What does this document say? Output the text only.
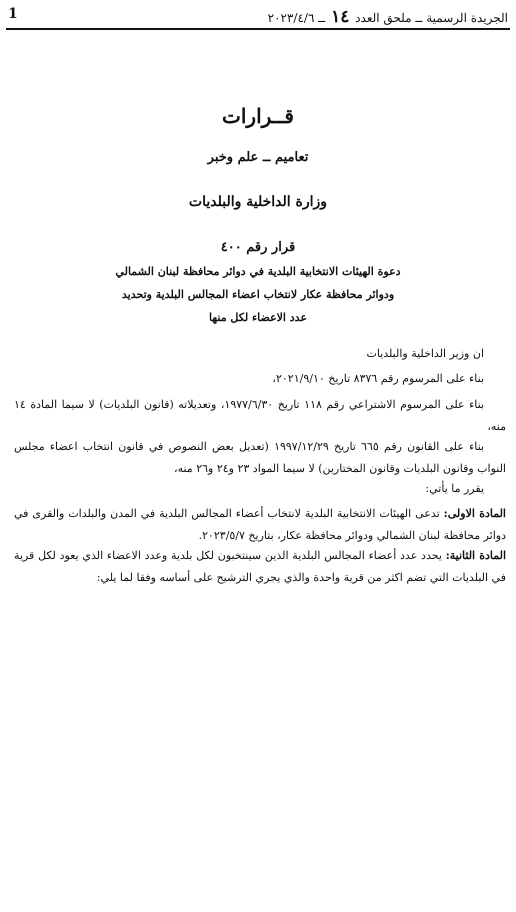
1	الجريدة الرسمية ــ ملحق العدد ١٤ ــ ٢٠٢٣/٤/٦
قــرارات
تعاميم ــ علم وخبر
وزارة الداخلية والبلديات
قرار رقم ٤٠٠
دعوة الهيئات الانتخابية البلدية في دوائر محافظة لبنان الشمالي
ودوائر محافظة عكار لانتخاب اعضاء المجالس البلدية وتحديد
عدد الاعضاء لكل منها
ان وزير الداخلية والبلديات
بناء على المرسوم رقم ٨٣٧٦ تاريخ ٢٠٢١/٩/١٠،
بناء على المرسوم الاشتراعي رقم ١١٨ تاريخ ١٩٧٧/٦/٣٠، وتعديلاته (قانون البلديات) لا سيما المادة ١٤ منه،
بناء على القانون رقم ٦٦٥ تاريخ ١٩٩٧/١٢/٢٩ (تعديل بعض النصوص في قانون انتخاب اعضاء مجلس النواب وقانون البلديات وقانون المختارين) لا سيما المواد ٢٣ و٢٤ و٢٦ منه،
يقرر ما يأتي:
المادة الاولى: تدعى الهيئات الانتخابية البلدية لانتخاب أعضاء المجالس البلدية في المدن والبلدات والقرى في دوائر محافظة لبنان الشمالي ودوائر محافظة عكار، بتاريخ ٢٠٢٣/٥/٧.
المادة الثانية: يحدد عدد أعضاء المجالس البلدية الذين سينتخبون لكل بلدية وعدد الاعضاء الذي يعود لكل قرية في البلديات التي تضم اكثر من قرية واحدة والذي يجري الترشيح على أساسه وفقا لما يلي:
